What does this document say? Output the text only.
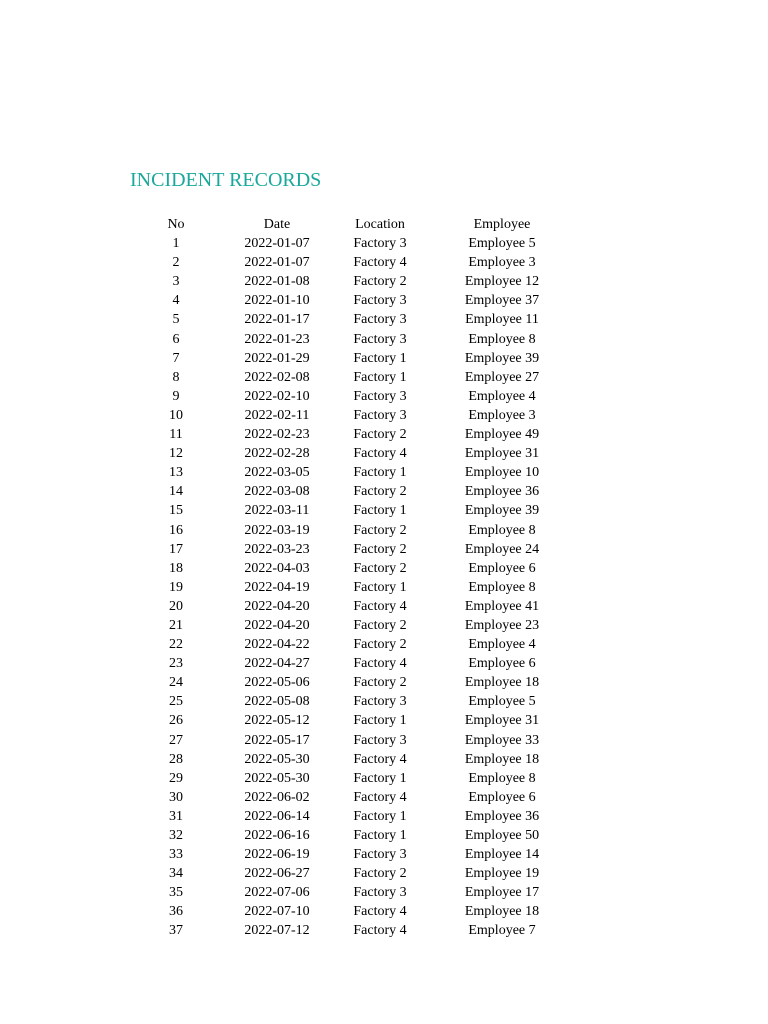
INCIDENT RECORDS
No	Date	Location	Employee
1	2022-01-07	Factory 3	Employee 5
2	2022-01-07	Factory 4	Employee 3
3	2022-01-08	Factory 2	Employee 12
4	2022-01-10	Factory 3	Employee 37
5	2022-01-17	Factory 3	Employee 11
6	2022-01-23	Factory 3	Employee 8
7	2022-01-29	Factory 1	Employee 39
8	2022-02-08	Factory 1	Employee 27
9	2022-02-10	Factory 3	Employee 4
10	2022-02-11	Factory 3	Employee 3
11	2022-02-23	Factory 2	Employee 49
12	2022-02-28	Factory 4	Employee 31
13	2022-03-05	Factory 1	Employee 10
14	2022-03-08	Factory 2	Employee 36
15	2022-03-11	Factory 1	Employee 39
16	2022-03-19	Factory 2	Employee 8
17	2022-03-23	Factory 2	Employee 24
18	2022-04-03	Factory 2	Employee 6
19	2022-04-19	Factory 1	Employee 8
20	2022-04-20	Factory 4	Employee 41
21	2022-04-20	Factory 2	Employee 23
22	2022-04-22	Factory 2	Employee 4
23	2022-04-27	Factory 4	Employee 6
24	2022-05-06	Factory 2	Employee 18
25	2022-05-08	Factory 3	Employee 5
26	2022-05-12	Factory 1	Employee 31
27	2022-05-17	Factory 3	Employee 33
28	2022-05-30	Factory 4	Employee 18
29	2022-05-30	Factory 1	Employee 8
30	2022-06-02	Factory 4	Employee 6
31	2022-06-14	Factory 1	Employee 36
32	2022-06-16	Factory 1	Employee 50
33	2022-06-19	Factory 3	Employee 14
34	2022-06-27	Factory 2	Employee 19
35	2022-07-06	Factory 3	Employee 17
36	2022-07-10	Factory 4	Employee 18
37	2022-07-12	Factory 4	Employee 7
